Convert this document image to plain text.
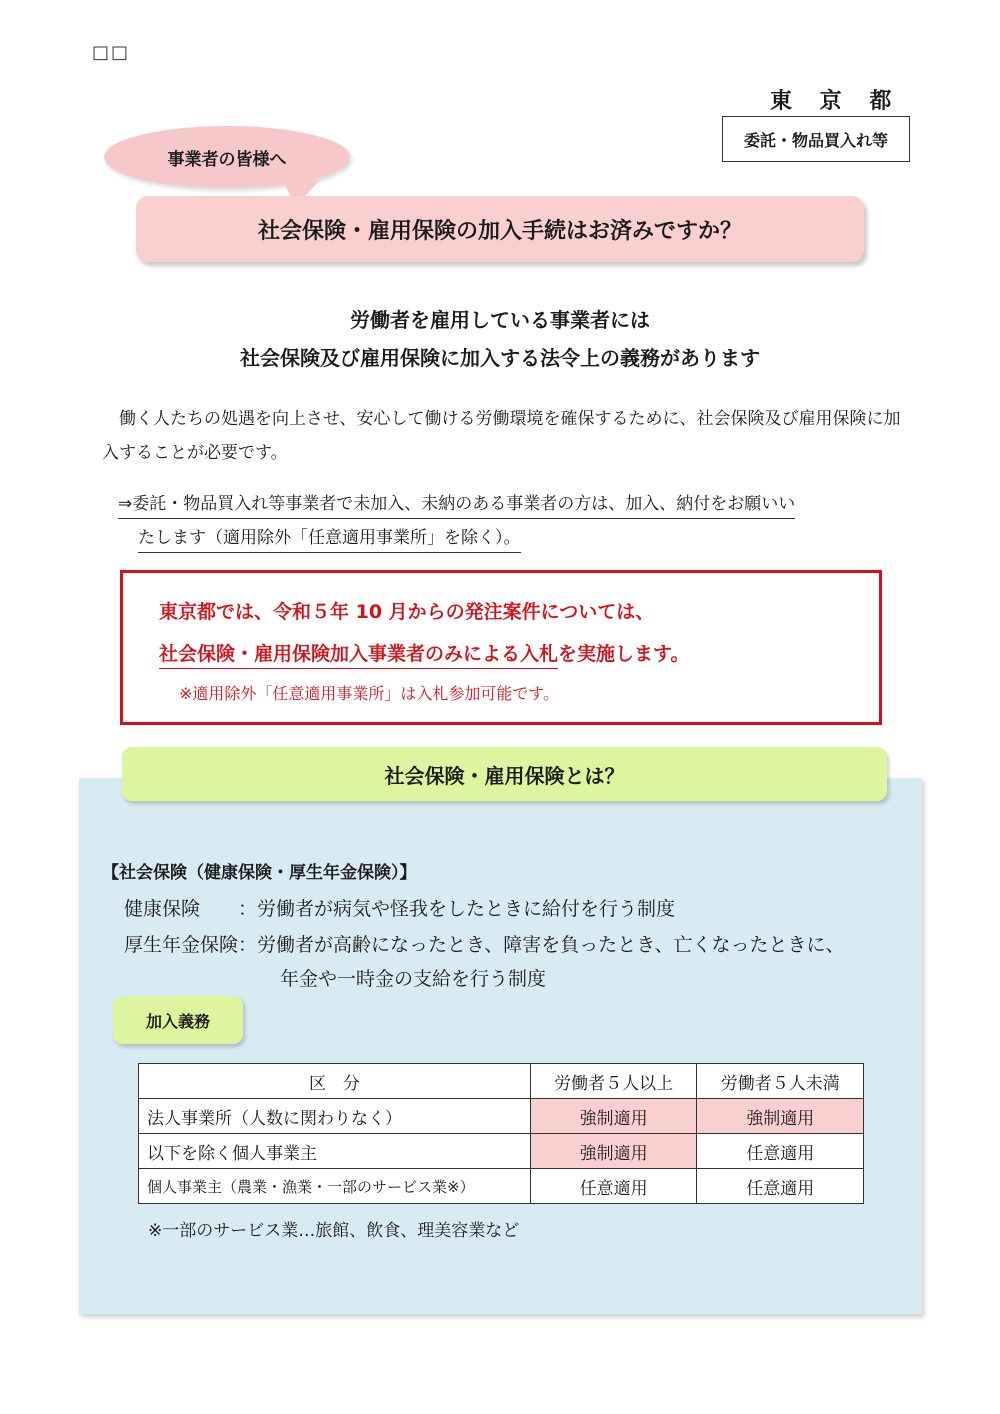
□□
東 京 都
委託・物品買入れ等
事業者の皆様へ
社会保険・雇用保険の加入手続はお済みですか？
労働者を雇用している事業者には
社会保険及び雇用保険に加入する法令上の義務があります
　働く人たちの処遇を向上させ、安心して働ける労働環境を確保するために、社会保険及び雇用保険に加入することが必要です。
⇒委託・物品買入れ等事業者で未加入、未納のある事業者の方は、加入、納付をお願いい
たします（適用除外「任意適用事業所」を除く）。
東京都では、令和５年 10 月からの発注案件については、
社会保険・雇用保険加入事業者のみによる入札を実施します。
※適用除外「任意適用事業所」は入札参加可能です。
社会保険・雇用保険とは？
【社会保険（健康保険・厚生年金保険）】
健康保険　　：労働者が病気や怪我をしたときに給付を行う制度
厚生年金保険：労働者が高齢になったとき、障害を負ったとき、亡くなったときに、
年金や一時金の支給を行う制度
加入義務
区　分	労働者５人以上	労働者５人未満
法人事業所（人数に関わりなく）	強制適用	強制適用
以下を除く個人事業主	強制適用	任意適用
個人事業主（農業・漁業・一部のサービス業※）	任意適用	任意適用
※一部のサービス業…旅館、飲食、理美容業など
